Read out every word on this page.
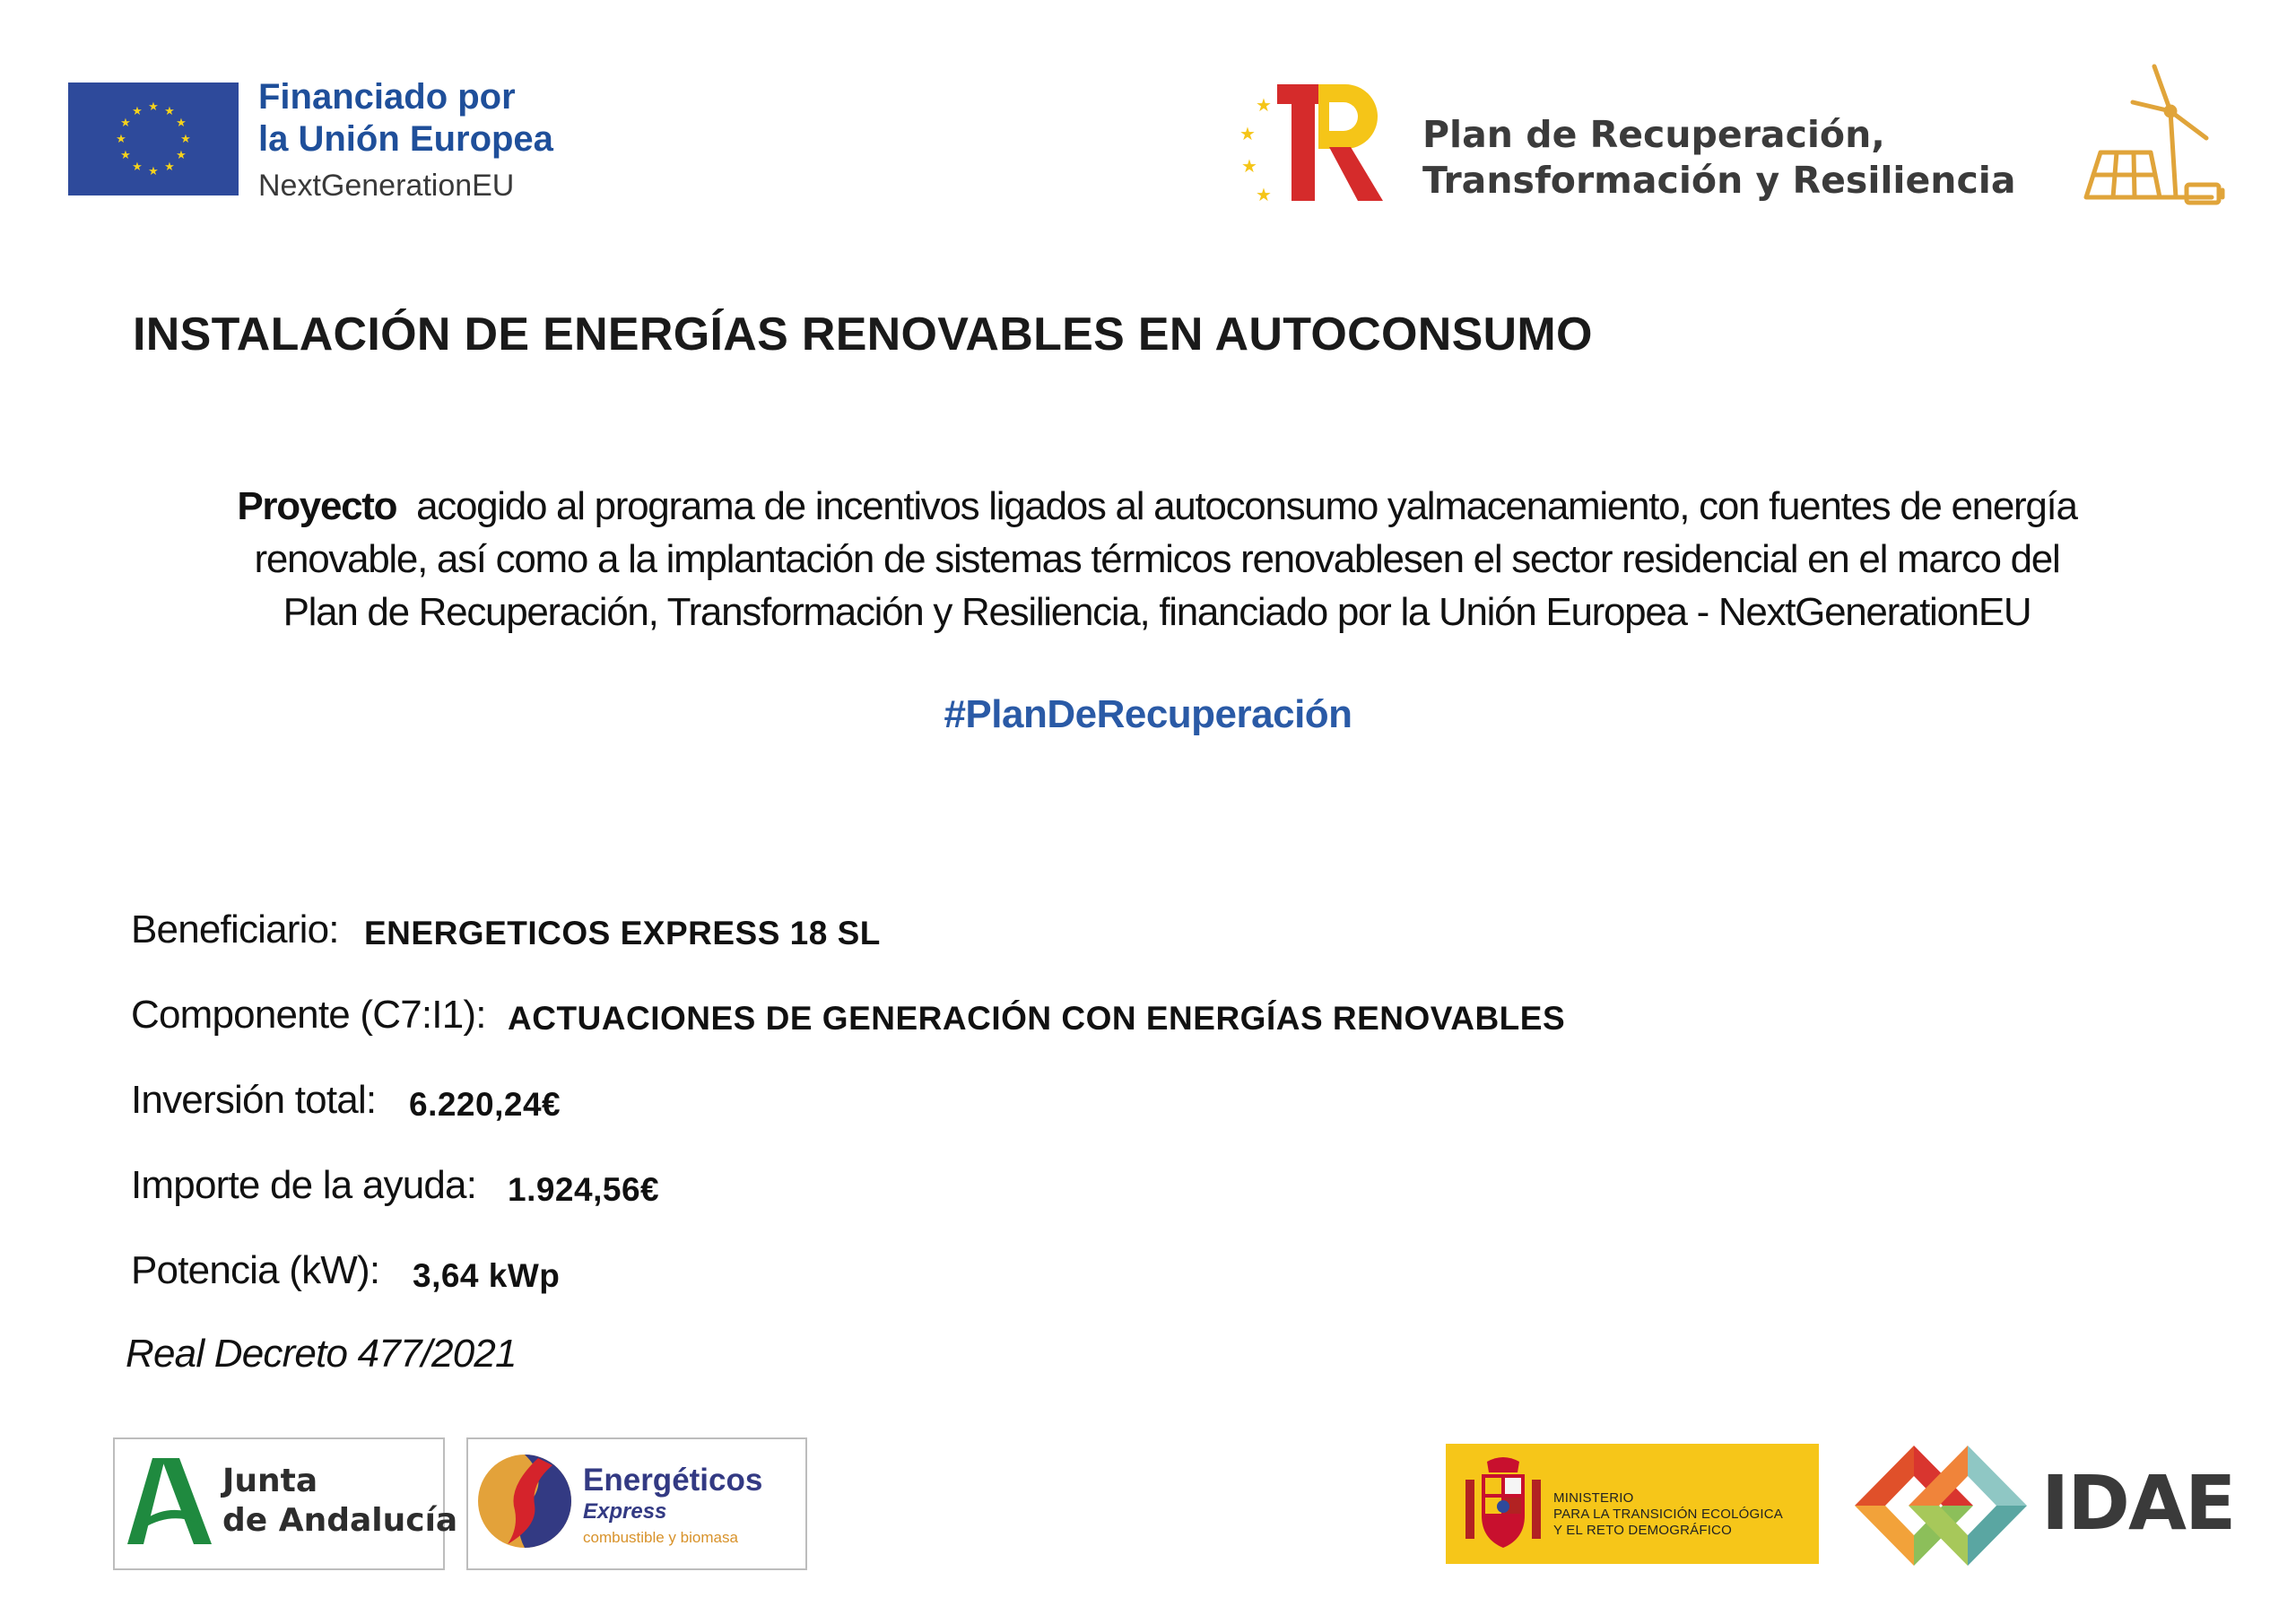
★ ★
★
★
★
★
★
★
★
★
★
★	Financiado por
la Unión Europea
NextGenerationEU
★
★
★
★
Plan de Recuperación,
Transformación y Resiliencia
INSTALACIÓN DE ENERGÍAS RENOVABLES EN AUTOCONSUMO
Proyecto acogido al programa de incentivos ligados al autoconsumo yalmacenamiento, con fuentes de energía
renovable, así como a la implantación de sistemas térmicos renovablesen el sector residencial en el marco del
Plan de Recuperación, Transformación y Resiliencia, financiado por la Unión Europea - NextGenerationEU
#PlanDeRecuperación
Beneficiario: ENERGETICOS EXPRESS 18 SL
Componente (C7:I1): ACTUACIONES DE GENERACIÓN CON ENERGÍAS RENOVABLES
Inversión total: 6.220,24€
Importe de la ayuda: 1.924,56€
Potencia (kW): 3,64 kWp
Real Decreto 477/2021
Junta
de Andalucía
Energéticos
Express
combustible y biomasa
MINISTERIO
PARA LA TRANSICIÓN ECOLÓGICA
Y EL RETO DEMOGRÁFICO	IDAE
